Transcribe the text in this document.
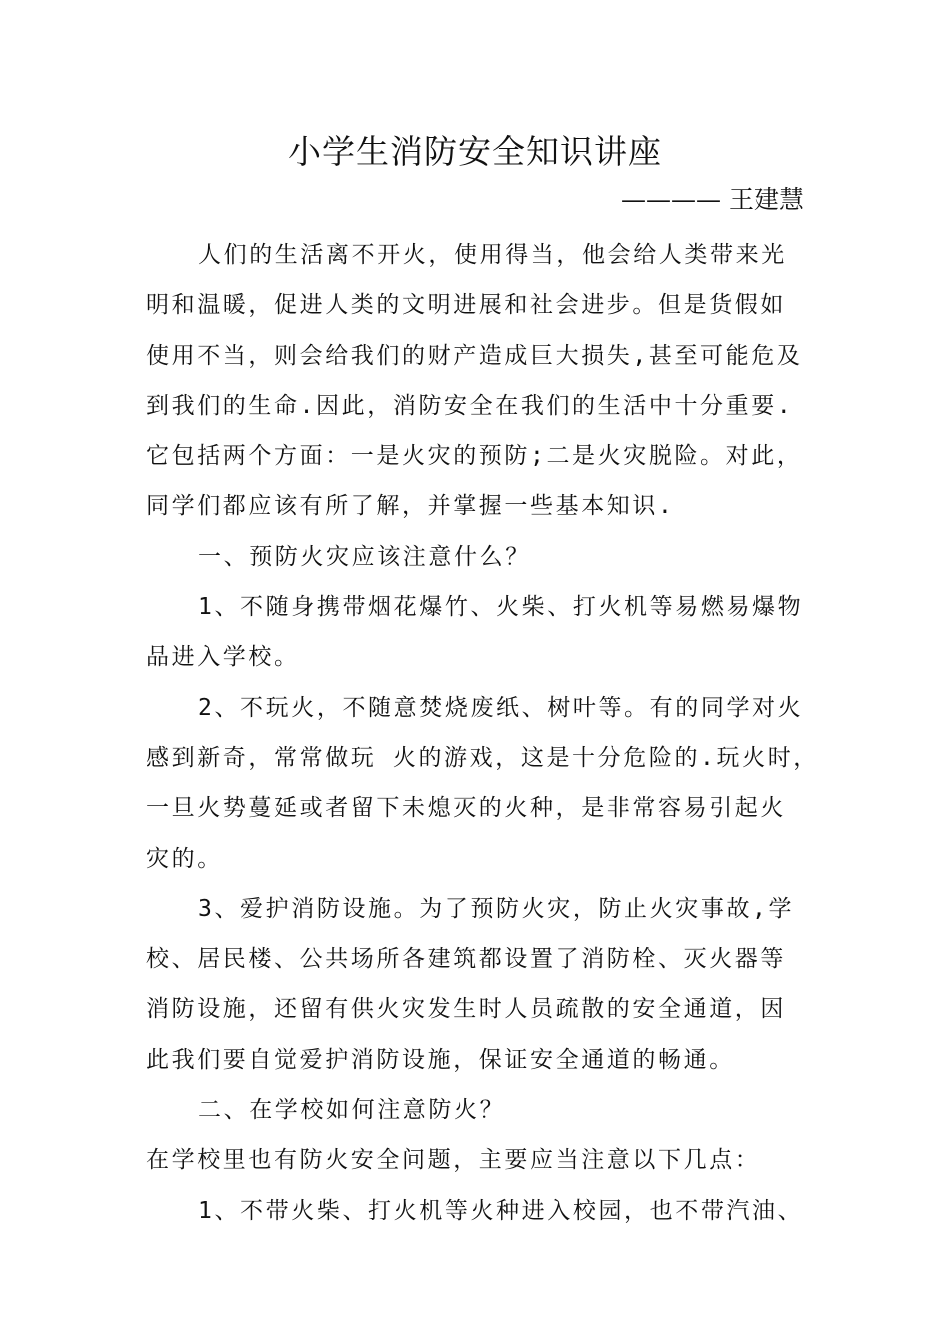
小学生消防安全知识讲座
———— 王建慧
人们的生活离不开火，使用得当，他会给人类带来光
明和温暖，促进人类的文明进展和社会进步。但是货假如
使用不当，则会给我们的财产造成巨大损失,甚至可能危及
到我们的生命.因此，消防安全在我们的生活中十分重要.
它包括两个方面：一是火灾的预防;二是火灾脱险。对此，
同学们都应该有所了解，并掌握一些基本知识.
一、预防火灾应该注意什么？
1、不随身携带烟花爆竹、火柴、打火机等易燃易爆物
品进入学校。
2、不玩火，不随意焚烧废纸、树叶等。有的同学对火
感到新奇，常常做玩 火的游戏，这是十分危险的.玩火时，
一旦火势蔓延或者留下未熄灭的火种，是非常容易引起火
灾的。
3、爱护消防设施。为了预防火灾，防止火灾事故,学
校、居民楼、公共场所各建筑都设置了消防栓、灭火器等
消防设施，还留有供火灾发生时人员疏散的安全通道，因
此我们要自觉爱护消防设施，保证安全通道的畅通。
二、在学校如何注意防火？
在学校里也有防火安全问题，主要应当注意以下几点：
1、不带火柴、打火机等火种进入校园，也不带汽油、
